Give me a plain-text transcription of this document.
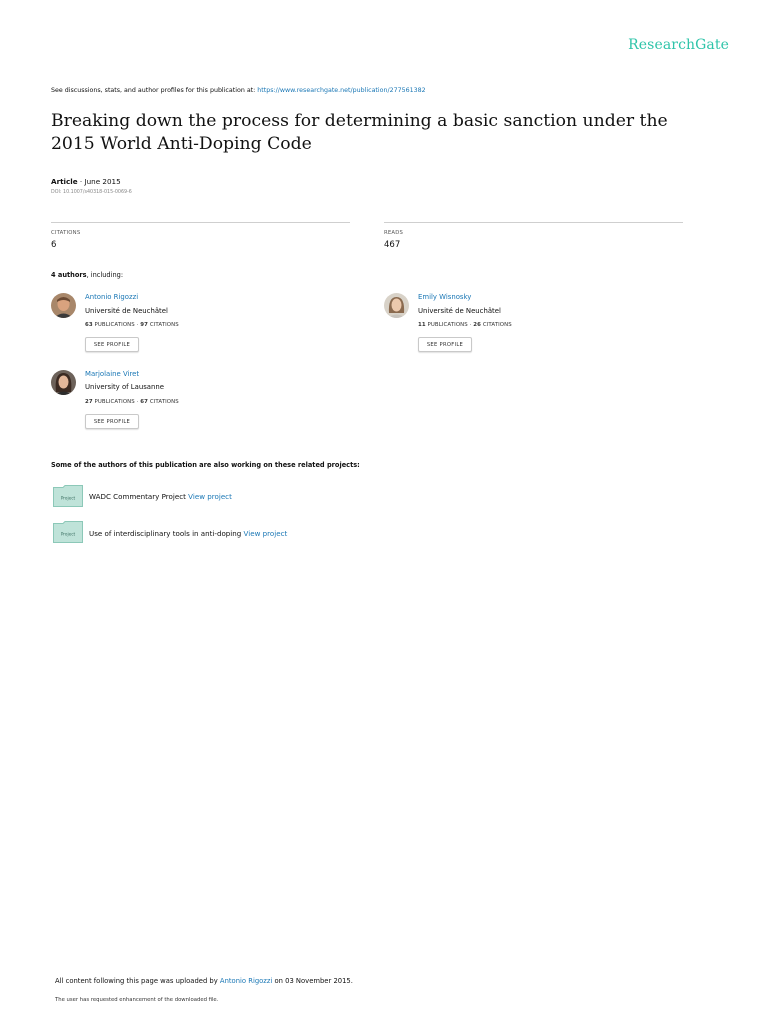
ResearchGate
See discussions, stats, and author profiles for this publication at: https://www.researchgate.net/publication/277561382
Breaking down the process for determining a basic sanction under the 2015 World Anti-Doping Code
Article · June 2015
DOI: 10.1007/s40318-015-0069-6
CITATIONS
6
READS
467
4 authors, including:
Antonio Rigozzi
Université de Neuchâtel
63 PUBLICATIONS · 97 CITATIONS
SEE PROFILE
Emily Wisnosky
Université de Neuchâtel
11 PUBLICATIONS · 26 CITATIONS
SEE PROFILE
Marjolaine Viret
University of Lausanne
27 PUBLICATIONS · 67 CITATIONS
SEE PROFILE
Some of the authors of this publication are also working on these related projects:
Project WADC Commentary Project View project
Project Use of interdisciplinary tools in anti-doping View project
All content following this page was uploaded by Antonio Rigozzi on 03 November 2015.
The user has requested enhancement of the downloaded file.
